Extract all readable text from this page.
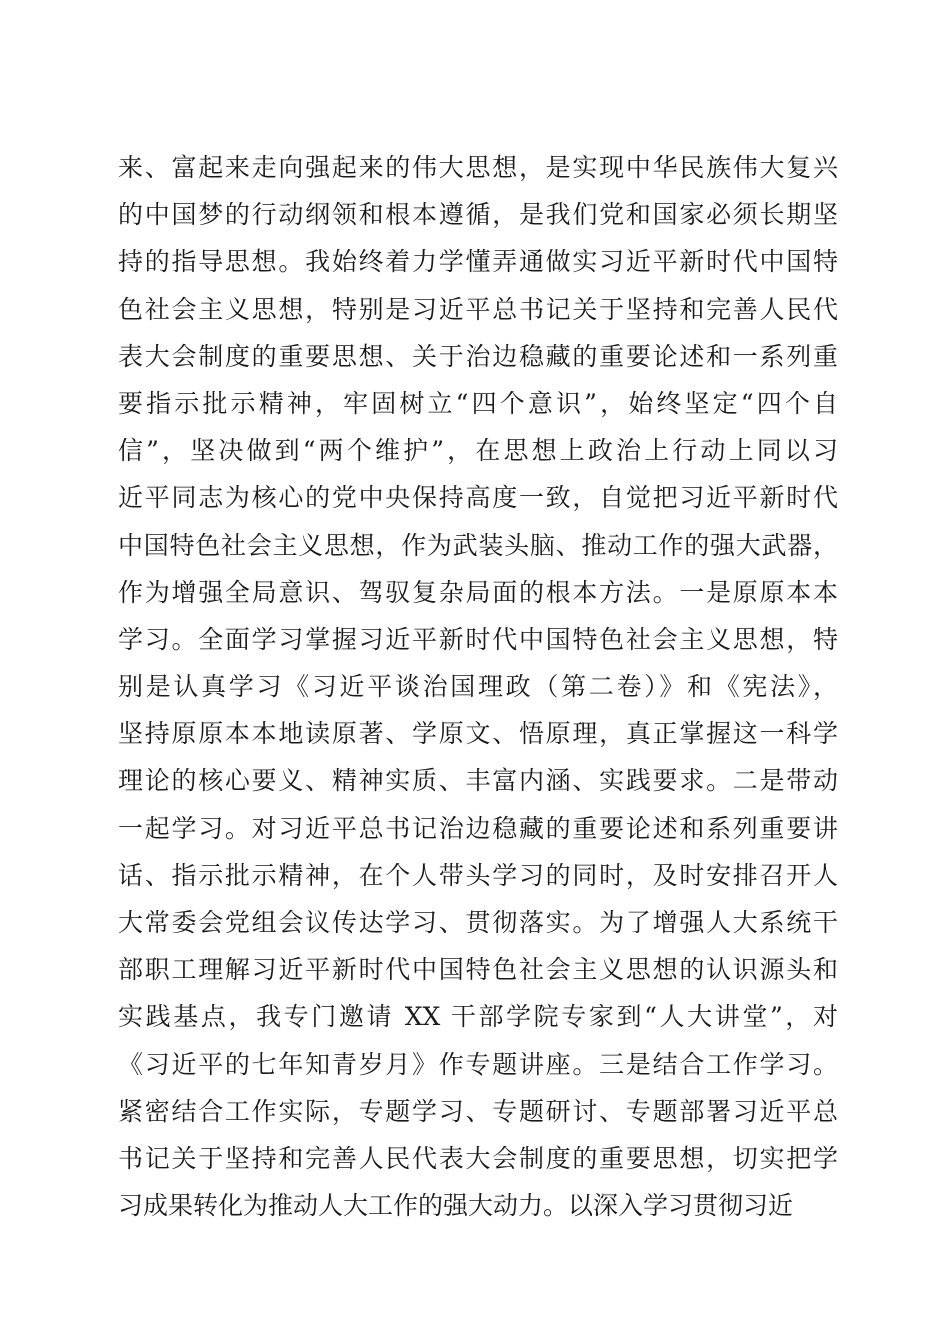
来、富起来走向强起来的伟大思想，是实现中华民族伟大复兴
的中国梦的行动纲领和根本遵循，是我们党和国家必须长期坚
持的指导思想。我始终着力学懂弄通做实习近平新时代中国特
色社会主义思想，特别是习近平总书记关于坚持和完善人民代
表大会制度的重要思想、关于治边稳藏的重要论述和一系列重
要指示批示精神，牢固树立“四个意识”，始终坚定“四个自
信”，坚决做到“两个维护”，在思想上政治上行动上同以习
近平同志为核心的党中央保持高度一致，自觉把习近平新时代
中国特色社会主义思想，作为武装头脑、推动工作的强大武器，
作为增强全局意识、驾驭复杂局面的根本方法。一是原原本本
学习。全面学习掌握习近平新时代中国特色社会主义思想，特
别是认真学习《习近平谈治国理政（第二卷）》和《宪法》，
坚持原原本本地读原著、学原文、悟原理，真正掌握这一科学
理论的核心要义、精神实质、丰富内涵、实践要求。二是带动
一起学习。对习近平总书记治边稳藏的重要论述和系列重要讲
话、指示批示精神，在个人带头学习的同时，及时安排召开人
大常委会党组会议传达学习、贯彻落实。为了增强人大系统干
部职工理解习近平新时代中国特色社会主义思想的认识源头和
实践基点，我专门邀请 XX 干部学院专家到“人大讲堂”，对
《习近平的七年知青岁月》作专题讲座。三是结合工作学习。
紧密结合工作实际，专题学习、专题研讨、专题部署习近平总
书记关于坚持和完善人民代表大会制度的重要思想，切实把学
习成果转化为推动人大工作的强大动力。以深入学习贯彻习近
